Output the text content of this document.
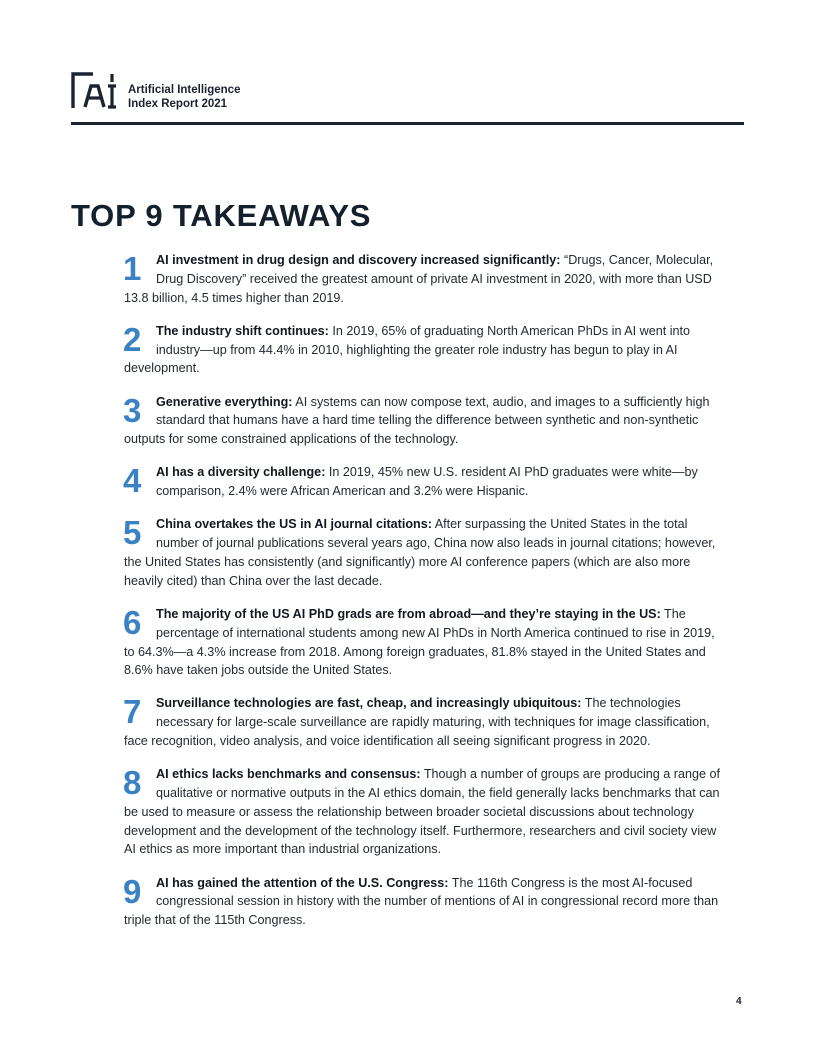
Artificial Intelligence
Index Report 2021
TOP 9 TAKEAWAYS
1	AI investment in drug design and discovery increased significantly: “Drugs, Cancer, Molecular, Drug Discovery” received the greatest amount of private AI investment in 2020, with more than USD 13.8 billion, 4.5 times higher than 2019.

2	The industry shift continues: In 2019, 65% of graduating North American PhDs in AI went into industry—up from 44.4% in 2010, highlighting the greater role industry has begun to play in AI development.

3	Generative everything: AI systems can now compose text, audio, and images to a sufficiently high standard that humans have a hard time telling the difference between synthetic and non-synthetic outputs for some constrained applications of the technology.

4	AI has a diversity challenge: In 2019, 45% new U.S. resident AI PhD graduates were white—by comparison, 2.4% were African American and 3.2% were Hispanic.

5	China overtakes the US in AI journal citations: After surpassing the United States in the total number of journal publications several years ago, China now also leads in journal citations; however, the United States has consistently (and significantly) more AI conference papers (which are also more heavily cited) than China over the last decade.

6	The majority of the US AI PhD grads are from abroad—and they’re staying in the US: The percentage of international students among new AI PhDs in North America continued to rise in 2019, to 64.3%—a 4.3% increase from 2018. Among foreign graduates, 81.8% stayed in the United States and 8.6% have taken jobs outside the United States.

7	Surveillance technologies are fast, cheap, and increasingly ubiquitous: The technologies necessary for large-scale surveillance are rapidly maturing, with techniques for image classification, face recognition, video analysis, and voice identification all seeing significant progress in 2020.

8	AI ethics lacks benchmarks and consensus: Though a number of groups are producing a range of qualitative or normative outputs in the AI ethics domain, the field generally lacks benchmarks that can be used to measure or assess the relationship between broader societal discussions about technology development and the development of the technology itself. Furthermore, researchers and civil society view AI ethics as more important than industrial organizations.

9	AI has gained the attention of the U.S. Congress: The 116th Congress is the most AI-focused congressional session in history with the number of mentions of AI in congressional record more than triple that of the 115th Congress.

4
